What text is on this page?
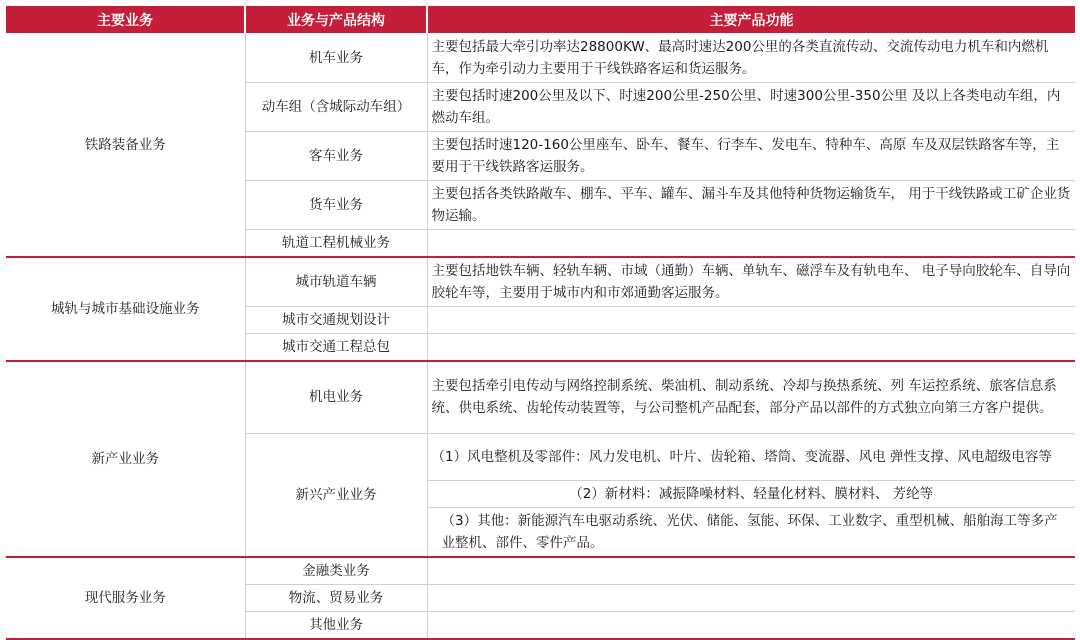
主要业务	业务与产品结构	主要产品功能
铁路装备业务	机车业务	主要包括最大牵引功率达28800KW、最高时速达200公里的各类直流传动、交流传动电力机车和内燃机车，作为牵引动力主要用于干线铁路客运和货运服务。
	动车组（含城际动车组）	主要包括时速200公里及以下、时速200公里-250公里、时速300公里-350公里 及以上各类电动车组，内燃动车组。
	客车业务	主要包括时速120-160公里座车、卧车、餐车、行李车、发电车、特种车、高原 车及双层铁路客车等，主要用于干线铁路客运服务。
	货车业务	主要包括各类铁路敞车、棚车、平车、罐车、漏斗车及其他特种货物运输货车， 用于干线铁路或工矿企业货物运输。
	轨道工程机械业务	
城轨与城市基础设施业务	城市轨道车辆	主要包括地铁车辆、轻轨车辆、市域（通勤）车辆、单轨车、磁浮车及有轨电车、 电子导向胶轮车、自导向胶轮车等，主要用于城市内和市郊通勤客运服务。
	城市交通规划设计	
	城市交通工程总包	
新产业业务	机电业务	主要包括牵引电传动与网络控制系统、柴油机、制动系统、冷却与换热系统、列 车运控系统、旅客信息系统、供电系统、齿轮传动装置等，与公司整机产品配套，部分产品以部件的方式独立向第三方客户提供。
	新兴产业业务	（1）风电整机及零部件：风力发电机、叶片、齿轮箱、塔筒、变流器、风电 弹性支撑、风电超级电容等
		（2）新材料：减振降噪材料、轻量化材料、膜材料、 芳纶等
		（3）其他：新能源汽车电驱动系统、光伏、储能、氢能、环保、工业数字、重型机械、船舶海工等多产业整机、部件、零件产品。
现代服务业务	金融类业务	
	物流、贸易业务	
	其他业务	
